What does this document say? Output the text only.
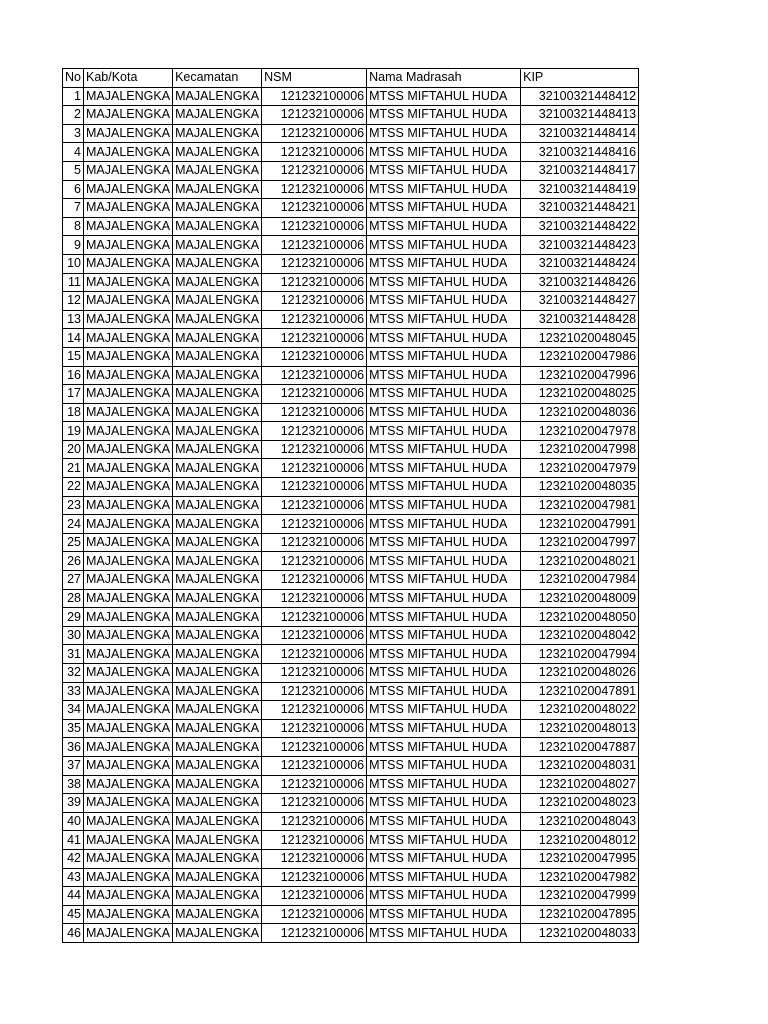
No	Kab/Kota	Kecamatan	NSM	Nama Madrasah	KIP
1	MAJALENGKA	MAJALENGKA	121232100006	MTSS MIFTAHUL HUDA	32100321448412
2	MAJALENGKA	MAJALENGKA	121232100006	MTSS MIFTAHUL HUDA	32100321448413
3	MAJALENGKA	MAJALENGKA	121232100006	MTSS MIFTAHUL HUDA	32100321448414
4	MAJALENGKA	MAJALENGKA	121232100006	MTSS MIFTAHUL HUDA	32100321448416
5	MAJALENGKA	MAJALENGKA	121232100006	MTSS MIFTAHUL HUDA	32100321448417
6	MAJALENGKA	MAJALENGKA	121232100006	MTSS MIFTAHUL HUDA	32100321448419
7	MAJALENGKA	MAJALENGKA	121232100006	MTSS MIFTAHUL HUDA	32100321448421
8	MAJALENGKA	MAJALENGKA	121232100006	MTSS MIFTAHUL HUDA	32100321448422
9	MAJALENGKA	MAJALENGKA	121232100006	MTSS MIFTAHUL HUDA	32100321448423
10	MAJALENGKA	MAJALENGKA	121232100006	MTSS MIFTAHUL HUDA	32100321448424
11	MAJALENGKA	MAJALENGKA	121232100006	MTSS MIFTAHUL HUDA	32100321448426
12	MAJALENGKA	MAJALENGKA	121232100006	MTSS MIFTAHUL HUDA	32100321448427
13	MAJALENGKA	MAJALENGKA	121232100006	MTSS MIFTAHUL HUDA	32100321448428
14	MAJALENGKA	MAJALENGKA	121232100006	MTSS MIFTAHUL HUDA	12321020048045
15	MAJALENGKA	MAJALENGKA	121232100006	MTSS MIFTAHUL HUDA	12321020047986
16	MAJALENGKA	MAJALENGKA	121232100006	MTSS MIFTAHUL HUDA	12321020047996
17	MAJALENGKA	MAJALENGKA	121232100006	MTSS MIFTAHUL HUDA	12321020048025
18	MAJALENGKA	MAJALENGKA	121232100006	MTSS MIFTAHUL HUDA	12321020048036
19	MAJALENGKA	MAJALENGKA	121232100006	MTSS MIFTAHUL HUDA	12321020047978
20	MAJALENGKA	MAJALENGKA	121232100006	MTSS MIFTAHUL HUDA	12321020047998
21	MAJALENGKA	MAJALENGKA	121232100006	MTSS MIFTAHUL HUDA	12321020047979
22	MAJALENGKA	MAJALENGKA	121232100006	MTSS MIFTAHUL HUDA	12321020048035
23	MAJALENGKA	MAJALENGKA	121232100006	MTSS MIFTAHUL HUDA	12321020047981
24	MAJALENGKA	MAJALENGKA	121232100006	MTSS MIFTAHUL HUDA	12321020047991
25	MAJALENGKA	MAJALENGKA	121232100006	MTSS MIFTAHUL HUDA	12321020047997
26	MAJALENGKA	MAJALENGKA	121232100006	MTSS MIFTAHUL HUDA	12321020048021
27	MAJALENGKA	MAJALENGKA	121232100006	MTSS MIFTAHUL HUDA	12321020047984
28	MAJALENGKA	MAJALENGKA	121232100006	MTSS MIFTAHUL HUDA	12321020048009
29	MAJALENGKA	MAJALENGKA	121232100006	MTSS MIFTAHUL HUDA	12321020048050
30	MAJALENGKA	MAJALENGKA	121232100006	MTSS MIFTAHUL HUDA	12321020048042
31	MAJALENGKA	MAJALENGKA	121232100006	MTSS MIFTAHUL HUDA	12321020047994
32	MAJALENGKA	MAJALENGKA	121232100006	MTSS MIFTAHUL HUDA	12321020048026
33	MAJALENGKA	MAJALENGKA	121232100006	MTSS MIFTAHUL HUDA	12321020047891
34	MAJALENGKA	MAJALENGKA	121232100006	MTSS MIFTAHUL HUDA	12321020048022
35	MAJALENGKA	MAJALENGKA	121232100006	MTSS MIFTAHUL HUDA	12321020048013
36	MAJALENGKA	MAJALENGKA	121232100006	MTSS MIFTAHUL HUDA	12321020047887
37	MAJALENGKA	MAJALENGKA	121232100006	MTSS MIFTAHUL HUDA	12321020048031
38	MAJALENGKA	MAJALENGKA	121232100006	MTSS MIFTAHUL HUDA	12321020048027
39	MAJALENGKA	MAJALENGKA	121232100006	MTSS MIFTAHUL HUDA	12321020048023
40	MAJALENGKA	MAJALENGKA	121232100006	MTSS MIFTAHUL HUDA	12321020048043
41	MAJALENGKA	MAJALENGKA	121232100006	MTSS MIFTAHUL HUDA	12321020048012
42	MAJALENGKA	MAJALENGKA	121232100006	MTSS MIFTAHUL HUDA	12321020047995
43	MAJALENGKA	MAJALENGKA	121232100006	MTSS MIFTAHUL HUDA	12321020047982
44	MAJALENGKA	MAJALENGKA	121232100006	MTSS MIFTAHUL HUDA	12321020047999
45	MAJALENGKA	MAJALENGKA	121232100006	MTSS MIFTAHUL HUDA	12321020047895
46	MAJALENGKA	MAJALENGKA	121232100006	MTSS MIFTAHUL HUDA	12321020048033
